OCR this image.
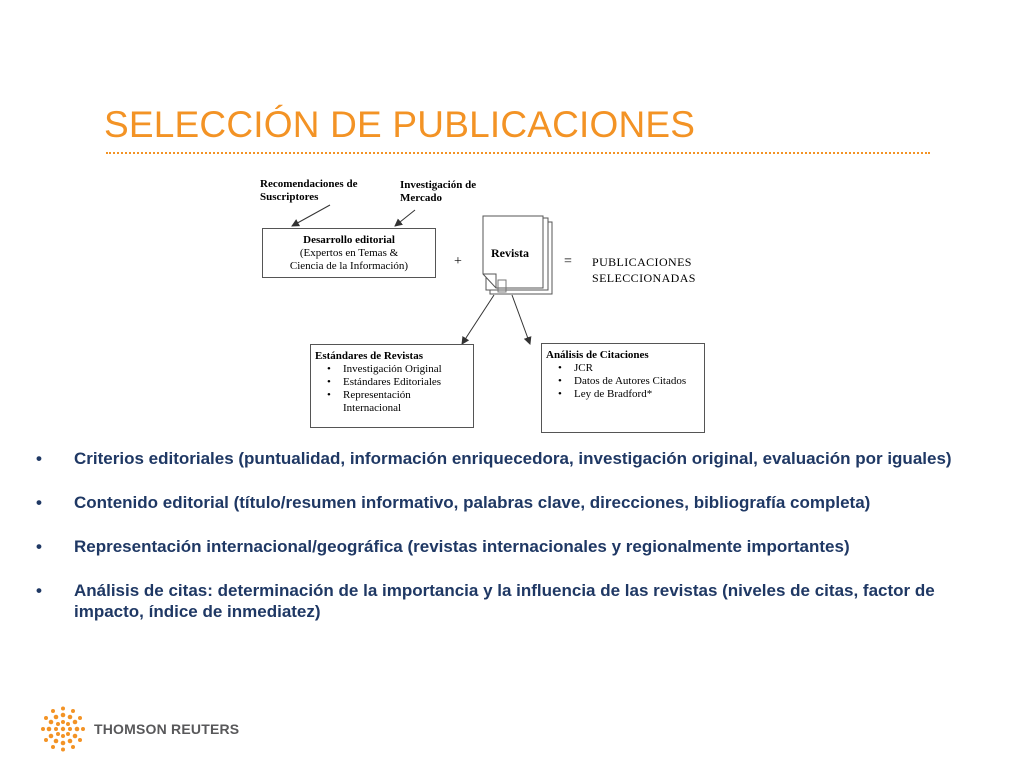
SELECCIÓN DE PUBLICACIONES

Recomendaciones de Suscriptores

Investigación de Mercado

Desarrollo editorial

(Expertos en Temas &

Ciencia de la Información)	+

Revista

= PUBLICACIONES

SELECCIONADAS

Estándares de Revistas

• Investigación Original
• Estándares Editoriales
• Representación Internacional

Análisis de Citaciones

• JCR
• Datos de Autores Citados
• Ley de Bradford*
• Criterios editoriales (puntualidad, información enriquecedora, investigación original, evaluación por iguales)
• Contenido editorial (título/resumen informativo, palabras clave, direcciones, bibliografía completa)
• Representación internacional/geográfica (revistas internacionales y regionalmente importantes)
• Análisis de citas: determinación de la importancia y la influencia de las revistas (niveles de citas, factor de impacto, índice de inmediatez)
THOMSON REUTERS
